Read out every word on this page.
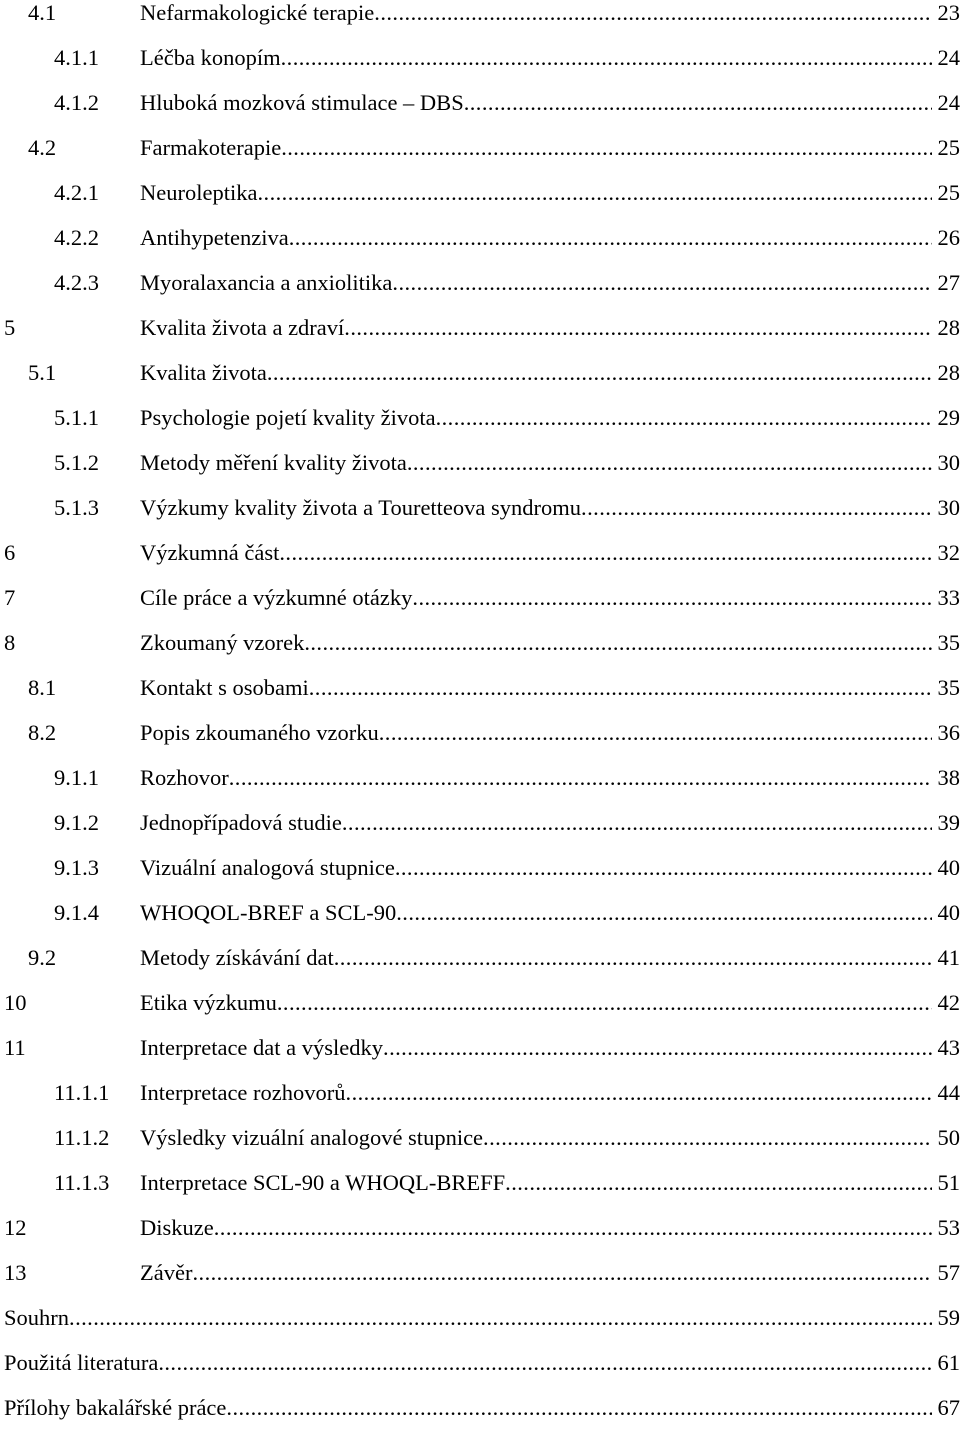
4.1	Nefarmakologické terapie . . .	23
4.1.1 Léčba konopím . . .	24
4.1.2 Hluboká mozková stimulace – DBS . . .	24
4.2	Farmakoterapie . . .	25
4.2.1 Neuroleptika . . .	25
4.2.2 Antihypetenziva . . .	26
4.2.3 Myoralaxancia a anxiolitika . . .	27
5	Kvalita života a zdraví . . .	28
5.1	Kvalita života . . .	28
5.1.1 Psychologie pojetí kvality života . . .	29
5.1.2 Metody měření kvality života . . .	30
5.1.3 Výzkumy kvality života a Touretteova syndromu . . .	30
6	Výzkumná část . . .	32
7	Cíle práce a výzkumné otázky . . .	33
8	Zkoumaný vzorek . . .	35
8.1	Kontakt s osobami . . .	35
8.2	Popis zkoumaného vzorku . . .	36
9.1.1 Rozhovor . . .	38
9.1.2 Jednopřípadová studie . . .	39
9.1.3 Vizuální analogová stupnice . . .	40
9.1.4 WHOQOL-BREF a SCL-90 . . .	40
9.2	Metody získávání dat . . .	41
10	Etika výzkumu . . .	42
11	Interpretace dat a výsledky . . .	43
11.1.1 Interpretace rozhovorů . . .	44
11.1.2 Výsledky vizuální analogové stupnice . . .	50
11.1.3 Interpretace SCL-90 a WHOQL-BREFF . . .	51
12	Diskuze . . .	53
13	Závěr . . .	57
Souhrn . . .	59
Použitá literatura . . .	61
Přílohy bakalářské práce . . .	67
